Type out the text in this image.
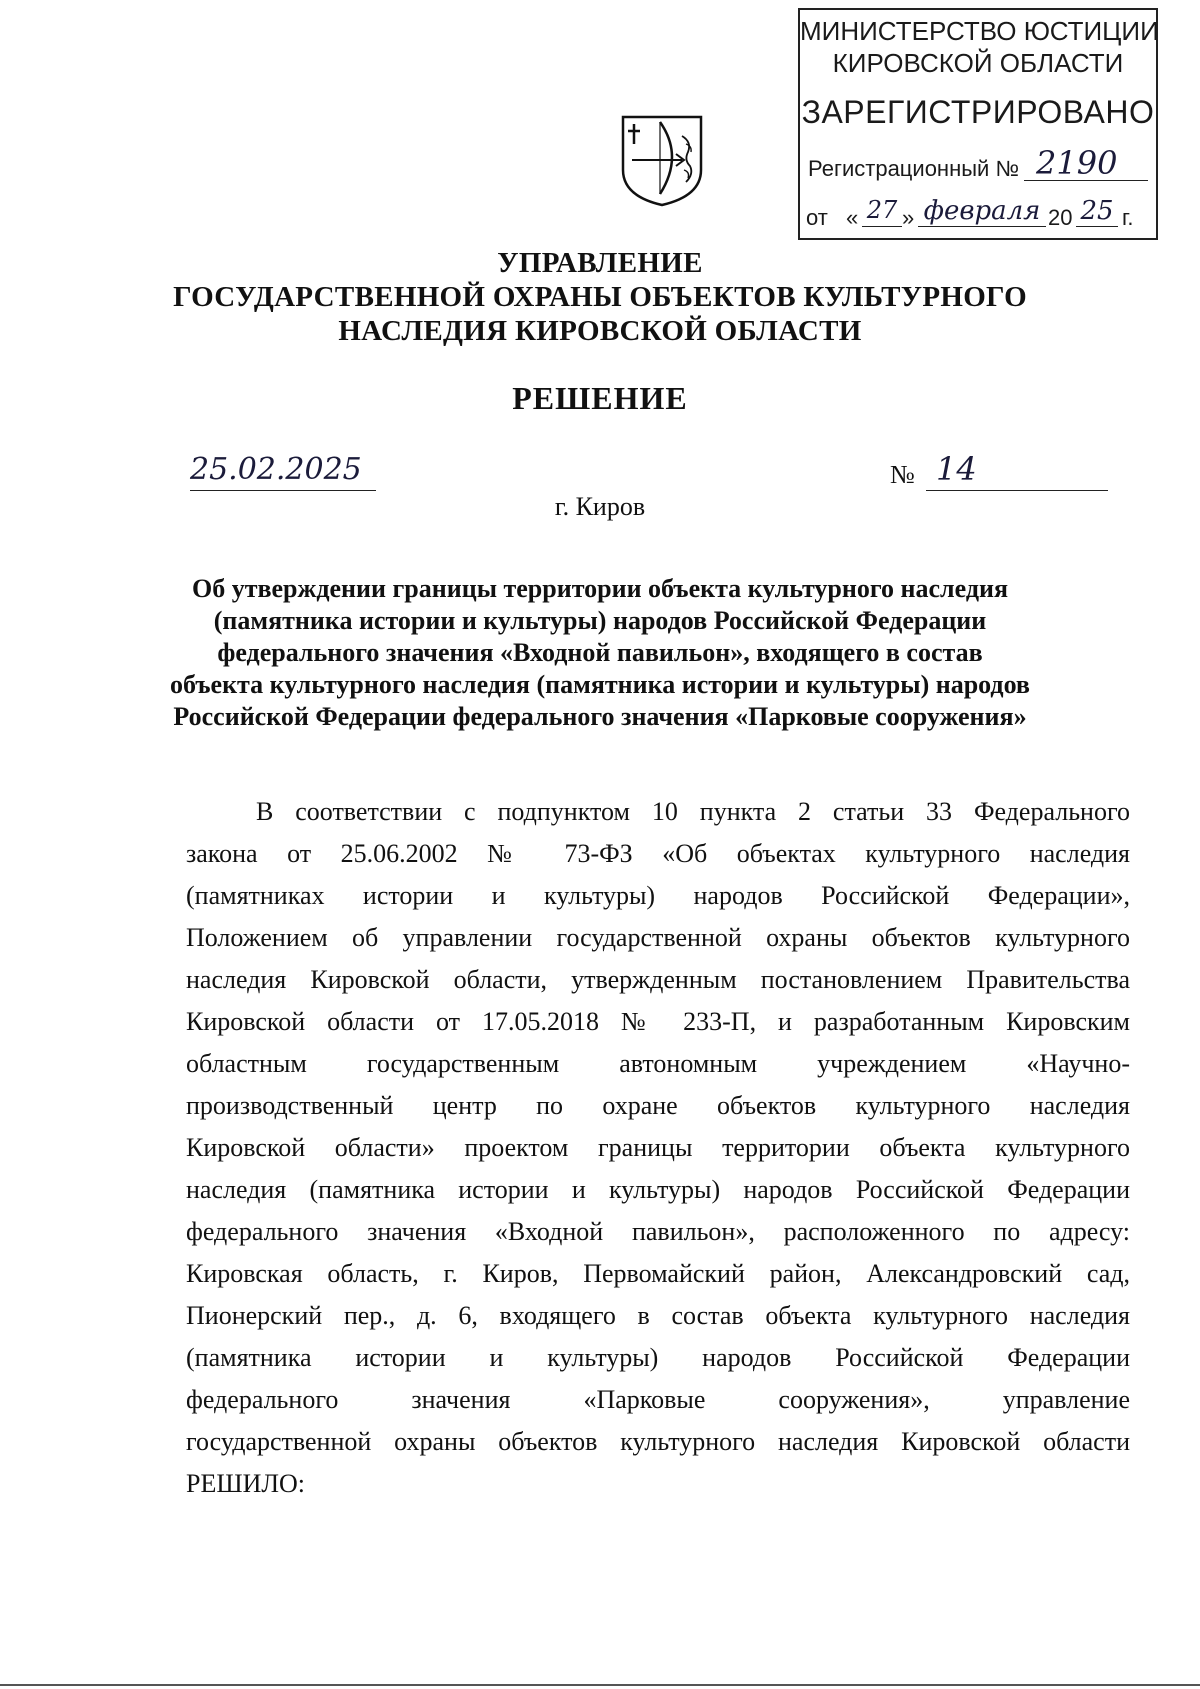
МИНИСТЕРСТВО ЮСТИЦИИ
КИРОВСКОЙ ОБЛАСТИ
ЗАРЕГИСТРИРОВАНО
Регистрационный № 2190
от « 27 » февраля 20 25 г.
УПРАВЛЕНИЕ
ГОСУДАРСТВЕННОЙ ОХРАНЫ ОБЪЕКТОВ КУЛЬТУРНОГО
НАСЛЕДИЯ КИРОВСКОЙ ОБЛАСТИ
РЕШЕНИЕ
25.02.2025	№ 14
г. Киров
Об утверждении границы территории объекта культурного наследия
(памятника истории и культуры) народов Российской Федерации
федерального значения «Входной павильон», входящего в состав
объекта культурного наследия (памятника истории и культуры) народов
Российской Федерации федерального значения «Парковые сооружения»
В соответствии с подпунктом 10 пункта 2 статьи 33 Федерального
закона от 25.06.2002 № 73-ФЗ «Об объектах культурного наследия
(памятниках истории и культуры) народов Российской Федерации»,
Положением об управлении государственной охраны объектов культурного
наследия Кировской области, утвержденным постановлением Правительства
Кировской области от 17.05.2018 № 233-П, и разработанным Кировским
областным государственным автономным учреждением «Научно-
производственный центр по охране объектов культурного наследия
Кировской области» проектом границы территории объекта культурного
наследия (памятника истории и культуры) народов Российской Федерации
федерального значения «Входной павильон», расположенного по адресу:
Кировская область, г. Киров, Первомайский район, Александровский сад,
Пионерский пер., д. 6, входящего в состав объекта культурного наследия
(памятника истории и культуры) народов Российской Федерации
федерального значения «Парковые сооружения», управление
государственной охраны объектов культурного наследия Кировской области
РЕШИЛО:
